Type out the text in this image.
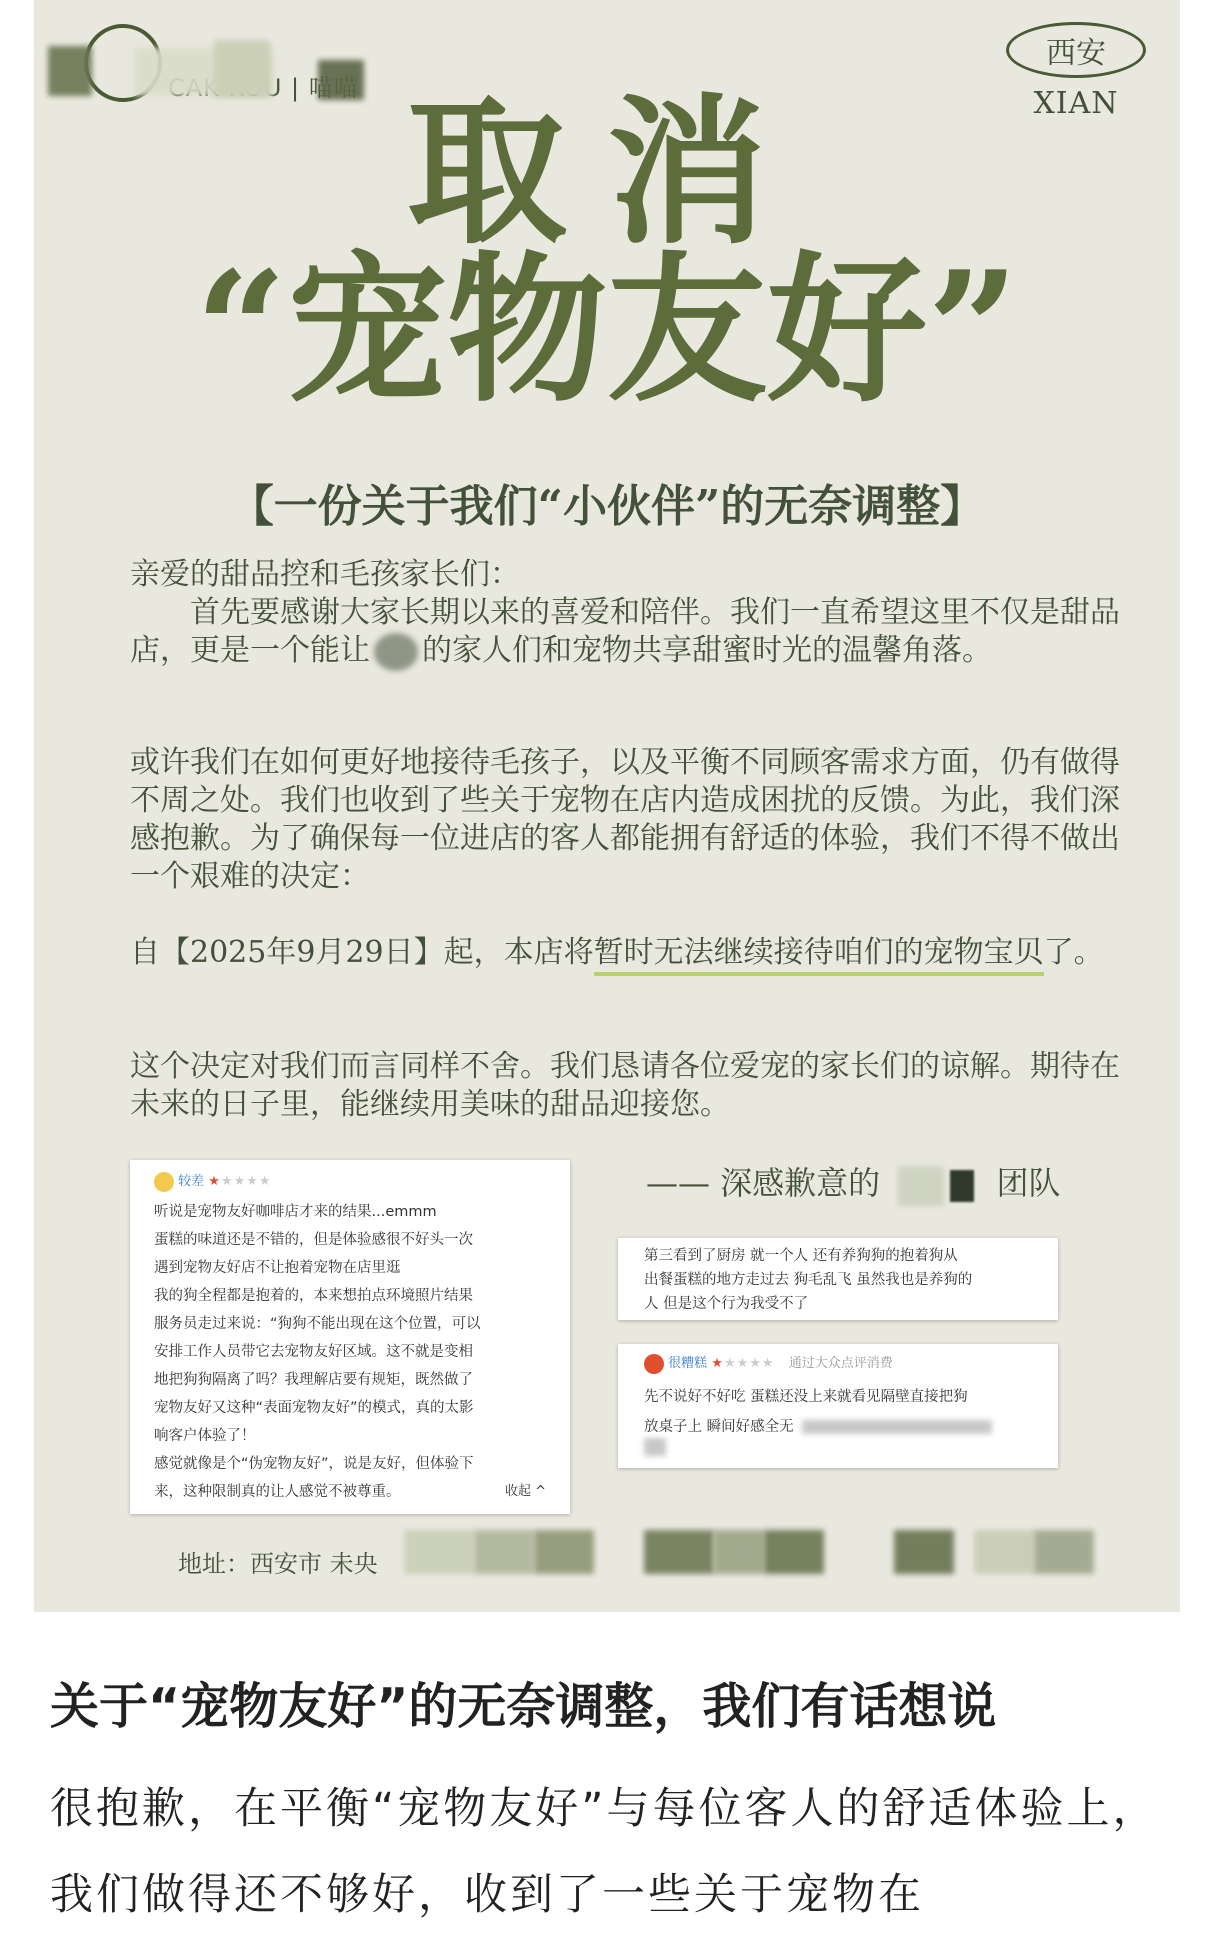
|
西安
XIAN
取消
“宠物友好”
【一份关于我们“小伙伴”的无奈调整】
亲爱的甜品控和毛孩家长们：
首先要感谢大家长期以来的喜爱和陪伴。我们一直希望这里不仅是甜品店，更是一个能让 的家人们和宠物共享甜蜜时光的温馨角落。
或许我们在如何更好地接待毛孩子，以及平衡不同顾客需求方面，仍有做得不周之处。我们也收到了些关于宠物在店内造成困扰的反馈。为此，我们深感抱歉。为了确保每一位进店的客人都能拥有舒适的体验，我们不得不做出一个艰难的决定：
自【2025年9月29日】起，本店将暂时无法继续接待咱们的宠物宝贝了。
这个决定对我们而言同样不舍。我们恳请各位爱宠的家长们的谅解。期待在未来的日子里，能继续用美味的甜品迎接您。
较差 ★★★★★

听说是宠物友好咖啡店才来的结果...emmm

蛋糕的味道还是不错的，但是体验感很不好头一次

遇到宠物友好店不让抱着宠物在店里逛

我的狗全程都是抱着的，本来想拍点环境照片结果

服务员走过来说：“狗狗不能出现在这个位置，可以

安排工作人员带它去宠物友好区域。这不就是变相

地把狗狗隔离了吗？我理解店要有规矩，既然做了

宠物友好又这种“表面宠物友好”的模式，真的太影

响客户体验了！

感觉就像是个“伪宠物友好”，说是友好，但体验下

来，这种限制真的让人感觉不被尊重。	收起 ^

—— 深感歉意的	团队

第三看到了厨房 就一个人 还有养狗狗的抱着狗从

出餐蛋糕的地方走过去 狗毛乱飞 虽然我也是养狗的

人 但是这个行为我受不了

很糟糕 ★★★★★ 通过大众点评消费

先不说好不好吃 蛋糕还没上来就看见隔壁直接把狗

放桌子上 瞬间好感全无

地址：西安市 未央
关于“宠物友好”的无奈调整，我们有话想说
很抱歉，在平衡“宠物友好”与每位客人的舒适体验上，我们做得还不够好，收到了一些关于宠物在
